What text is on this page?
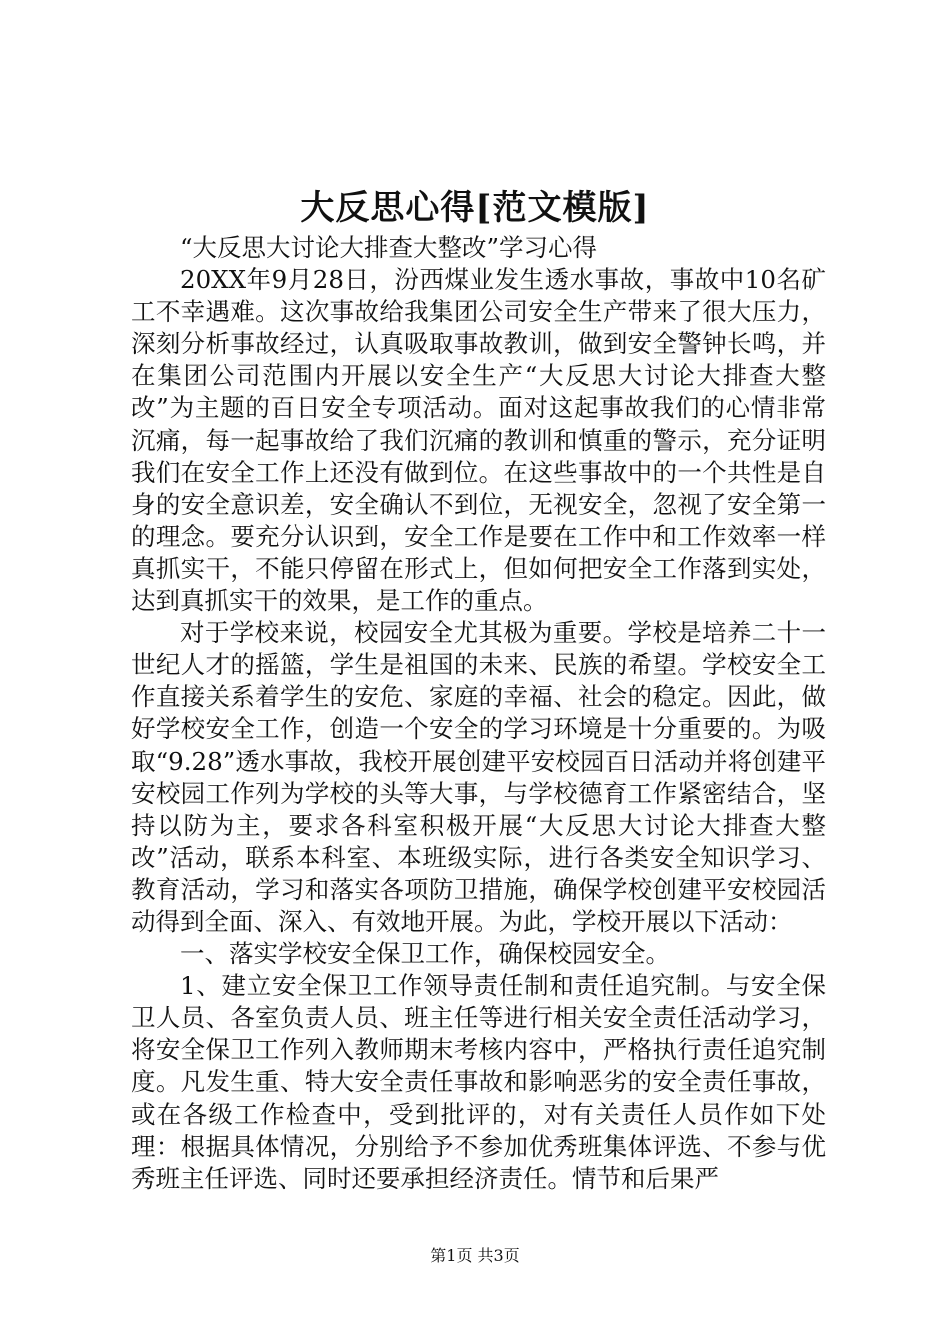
大反思心得[范文模版]

“大反思大讨论大排查大整改”学习心得

20XX年9月28日，汾西煤业发生透水事故，事故中10名矿工不幸遇难。这次事故给我集团公司安全生产带来了很大压力，深刻分析事故经过，认真吸取事故教训，做到安全警钟长鸣，并在集团公司范围内开展以安全生产“大反思大讨论大排查大整改”为主题的百日安全专项活动。面对这起事故我们的心情非常沉痛，每一起事故给了我们沉痛的教训和慎重的警示，充分证明我们在安全工作上还没有做到位。在这些事故中的一个共性是自身的安全意识差，安全确认不到位，无视安全，忽视了安全第一的理念。要充分认识到，安全工作是要在工作中和工作效率一样真抓实干，不能只停留在形式上，但如何把安全工作落到实处，达到真抓实干的效果，是工作的重点。

对于学校来说，校园安全尤其极为重要。学校是培养二十一世纪人才的摇篮，学生是祖国的未来、民族的希望。学校安全工作直接关系着学生的安危、家庭的幸福、社会的稳定。因此，做好学校安全工作，创造一个安全的学习环境是十分重要的。为吸取“9.28”透水事故，我校开展创建平安校园百日活动并将创建平安校园工作列为学校的头等大事，与学校德育工作紧密结合，坚持以防为主，要求各科室积极开展“大反思大讨论大排查大整改”活动，联系本科室、本班级实际，进行各类安全知识学习、教育活动，学习和落实各项防卫措施，确保学校创建平安校园活动得到全面、深入、有效地开展。为此，学校开展以下活动：

一、落实学校安全保卫工作，确保校园安全。

1、建立安全保卫工作领导责任制和责任追究制。与安全保卫人员、各室负责人员、班主任等进行相关安全责任活动学习，将安全保卫工作列入教师期末考核内容中，严格执行责任追究制度。凡发生重、特大安全责任事故和影响恶劣的安全责任事故，或在各级工作检查中，受到批评的，对有关责任人员作如下处理：根据具体情况，分别给予不参加优秀班集体评选、不参与优秀班主任评选、同时还要承担经济责任。情节和后果严

第1页 共3页
